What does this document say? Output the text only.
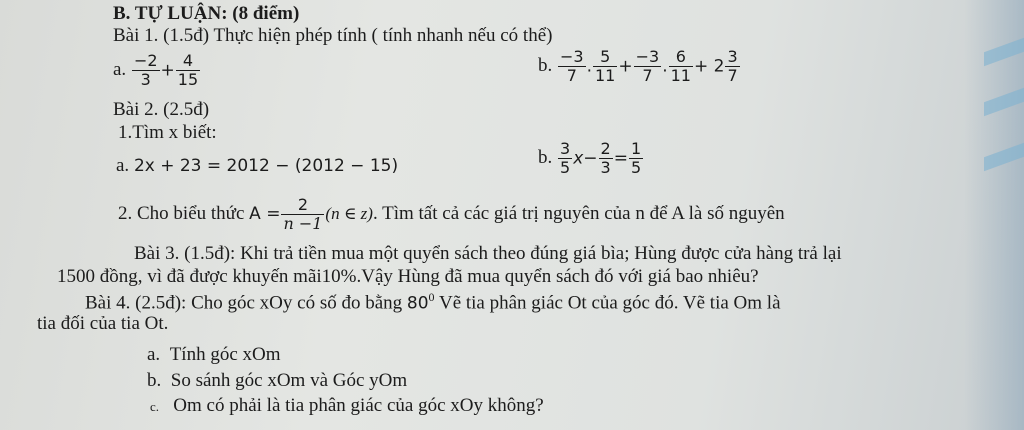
B. TỰ LUẬN: (8 điểm)
Bài 1. (1.5đ) Thực hiện phép tính ( tính nhanh nếu có thể)
a. $\frac{-2}{3} + \frac{4}{15}$	b. $\frac{-3}{7}$ . $\frac{5}{11} + \frac{-3}{7}$ . $\frac{6}{11} + 2 \frac{3}{7}$
Bài 2. (2.5đ)
1.Tìm x biết:
a. 2x + 23 = 2012 − (2012 − 15)	b. $\frac{3}{5} x- \frac{2}{3} = \frac{1}{5}$
2. Cho biểu thức $A = \frac{2}{n -1} (n$ ∈ z). Tìm tất cả các giá trị nguyên của n để A là số nguyên
Bài 3. (1.5đ): Khi trả tiền mua một quyển sách theo đúng giá bìa; Hùng được cửa hàng trả lại
1500 đồng, vì đã được khuyến mãi10%.Vậy Hùng đã mua quyển sách đó với giá bao nhiêu?
Bài 4. (2.5đ): Cho góc xOy có số đo bằng $80^0$ Vẽ tia phân giác Ot của góc đó. Vẽ tia Om là
tia đối của tia Ot.
a. Tính góc xOm
b. So sánh góc xOm và Góc yOm
c. Om có phải là tia phân giác của góc xOy không?
